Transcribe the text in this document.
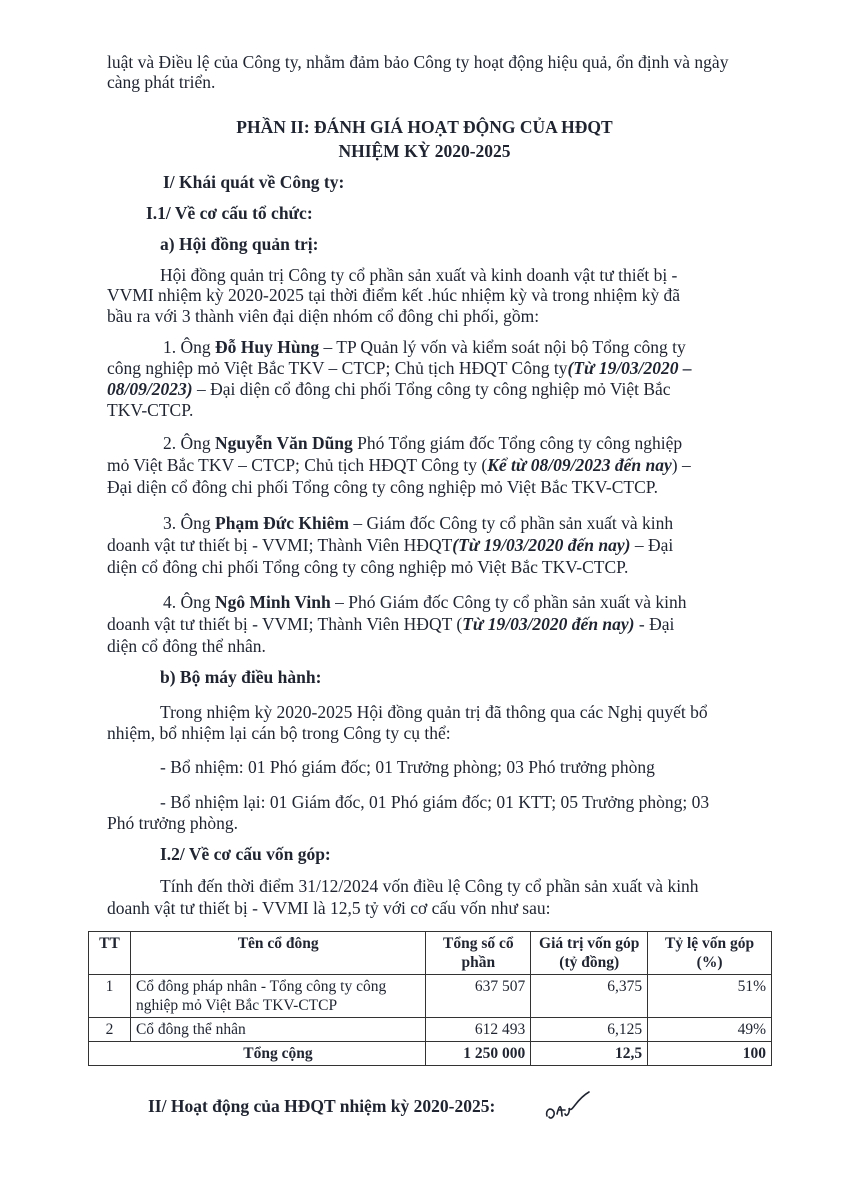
luật và Điều lệ của Công ty, nhằm đảm bảo Công ty hoạt động hiệu quả, ổn định và ngày
càng phát triển.
PHẦN II: ĐÁNH GIÁ HOẠT ĐỘNG CỦA HĐQT
NHIỆM KỲ 2020-2025
I/ Khái quát về Công ty:
I.1/ Về cơ cấu tổ chức:
a) Hội đồng quản trị:
Hội đồng quản trị Công ty cổ phần sản xuất và kinh doanh vật tư thiết bị -
VVMI nhiệm kỳ 2020-2025 tại thời điểm kết .húc nhiệm kỳ và trong nhiệm kỳ đã
bầu ra với 3 thành viên đại diện nhóm cổ đông chi phối, gồm:
1. Ông Đỗ Huy Hùng – TP Quản lý vốn và kiểm soát nội bộ Tổng công ty
công nghiệp mỏ Việt Bắc TKV – CTCP; Chủ tịch HĐQT Công ty(Từ 19/03/2020 –
08/09/2023) – Đại diện cổ đông chi phối Tổng công ty công nghiệp mỏ Việt Bắc
TKV-CTCP.
2. Ông Nguyễn Văn Dũng Phó Tổng giám đốc Tổng công ty công nghiệp
mỏ Việt Bắc TKV – CTCP; Chủ tịch HĐQT Công ty (Kể từ 08/09/2023 đến nay) –
Đại diện cổ đông chi phối Tổng công ty công nghiệp mỏ Việt Bắc TKV-CTCP.
3. Ông Phạm Đức Khiêm – Giám đốc Công ty cổ phần sản xuất và kinh
doanh vật tư thiết bị - VVMI; Thành Viên HĐQT(Từ 19/03/2020 đến nay) – Đại
diện cổ đông chi phối Tổng công ty công nghiệp mỏ Việt Bắc TKV-CTCP.
4. Ông Ngô Minh Vinh – Phó Giám đốc Công ty cổ phần sản xuất và kinh
doanh vật tư thiết bị - VVMI; Thành Viên HĐQT (Từ 19/03/2020 đến nay) - Đại
diện cổ đông thể nhân.
b) Bộ máy điều hành:
Trong nhiệm kỳ 2020-2025 Hội đồng quản trị đã thông qua các Nghị quyết bổ
nhiệm, bổ nhiệm lại cán bộ trong Công ty cụ thể:
- Bổ nhiệm: 01 Phó giám đốc; 01 Trưởng phòng; 03 Phó trưởng phòng
- Bổ nhiệm lại: 01 Giám đốc, 01 Phó giám đốc; 01 KTT; 05 Trưởng phòng; 03
Phó trưởng phòng.
I.2/ Về cơ cấu vốn góp:
Tính đến thời điểm 31/12/2024 vốn điều lệ Công ty cổ phần sản xuất và kinh
doanh vật tư thiết bị - VVMI là 12,5 tỷ với cơ cấu vốn như sau:
TT	Tên cổ đông	Tổng số cổ phần	Giá trị vốn góp (tỷ đồng)	Tỷ lệ vốn góp (%)
1	Cổ đông pháp nhân - Tổng công ty công nghiệp mỏ Việt Bắc TKV-CTCP	637 507	6,375	51%
2	Cổ đông thể nhân	612 493	6,125	49%
	Tổng cộng	1 250 000	12,5	100
II/ Hoạt động của HĐQT nhiệm kỳ 2020-2025:
